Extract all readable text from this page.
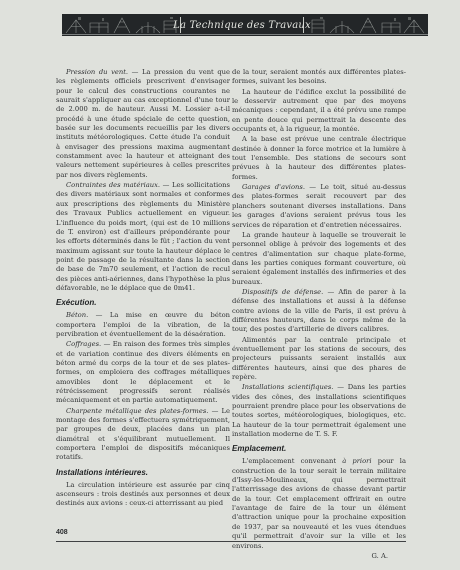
La Technique des Travaux

Pression du vent. — La pression du vent que les règlements officiels prescrivent d'envisager pour le calcul des constructions courantes ne saurait s'appliquer au cas exceptionnel d'une tour de 2.000 m. de hauteur. Aussi M. Lossier a-t-il procédé à une étude spéciale de cette question, basée sur les documents recueillis par les divers instituts météorologiques. Cette étude l'a conduit à envisager des pressions maxima augmentant constamment avec la hauteur et atteignant des valeurs nettement supérieures à celles prescrites par nos divers règlements.

Contraintes des matériaux. — Les sollicitations des divers matériaux sont normales et conformes aux prescriptions des règlements du Ministère des Travaux Publics actuellement en vigueur. L'influence du poids mort, (qui est de 10 millions de T. environ) est d'ailleurs prépondérante pour les efforts déterminés dans le fût ; l'action du vent maximum agissant sur toute la hauteur déplace le point de passage de la résultante dans la section de base de 7m70 seulement, et l'action de recul des pièces anti-aériennes, dans l'hypothèse la plus défavorable, ne le déplace que de 0m41.

Exécution.

Béton. — La mise en œuvre du béton comportera l'emploi de la vibration, de la pervibration et éventuellement de la désaération.

Coffrages. — En raison des formes très simples et de variation continue des divers éléments en béton armé du corps de la tour et de ses plates-formes, on emploiera des coffrages métalliques amovibles dont le déplacement et le rétrécissement progressifs seront réalisés mécaniquement et en partie automatiquement.

Charpente métallique des plates-formes. — Le montage des formes s'effectuera symétriquement, par groupes de deux, placées dans un plan diamétral et s'équilibrant mutuellement. Il comportera l'emploi de dispositifs mécaniques rotatifs.

Installations intérieures.

La circulation intérieure est assurée par cinq ascenseurs : trois destinés aux personnes et deux destinés aux avions : ceux-ci atterrissant au pied

de la tour, seraient montés aux différentes plates-formes, suivant les besoins.

La hauteur de l'édifice exclut la possibilité de le desservir autrement que par des moyens mécaniques : cependant, il a été prévu une rampe en pente douce qui permettrait la descente des occupants et, à la rigueur, la montée.

A la base est prévue une centrale électrique destinée à donner la force motrice et la lumière à tout l'ensemble. Des stations de secours sont prévues à la hauteur des différentes plates-formes.

Garages d'avions. — Le toit, situé au-dessus des plates-formes serait recouvert par des planchers soutenant diverses installations. Dans les garages d'avions seraient prévus tous les services de réparation et d'entretien nécessaires.

La grande hauteur à laquelle se trouverait le personnel oblige à prévoir des logements et des centres d'alimentation sur chaque plate-forme, dans les parties coniques formant couverture, où seraient également installés des infirmeries et des bureaux.

Dispositifs de défense. — Afin de parer à la défense des installations et aussi à la défense contre avions de la ville de Paris, il est prévu à différentes hauteurs, dans le corps même de la tour, des postes d'artillerie de divers calibres.

Alimentés par la centrale principale et éventuellement par les stations de secours, des projecteurs puissants seraient installés aux différentes hauteurs, ainsi que des phares de repère.

Installations scientifiques. — Dans les parties vides des cônes, des installations scientifiques pourraient prendre place pour les observations de toutes sortes, météorologiques, biologiques, etc. La hauteur de la tour permettrait également une installation moderne de T. S. F.

Emplacement.

L'emplacement convenant à priori pour la construction de la tour serait le terrain militaire d'Issy-les-Moulineaux, qui permettrait l'atterrissage des avions de chasse devant partir de la tour. Cet emplacement offrirait en outre l'avantage de faire de la tour un élément d'attraction unique pour la prochaine exposition de 1937, par sa nouveauté et les vues étendues qu'il permettrait d'avoir sur la ville et les environs.

G. A.

408
